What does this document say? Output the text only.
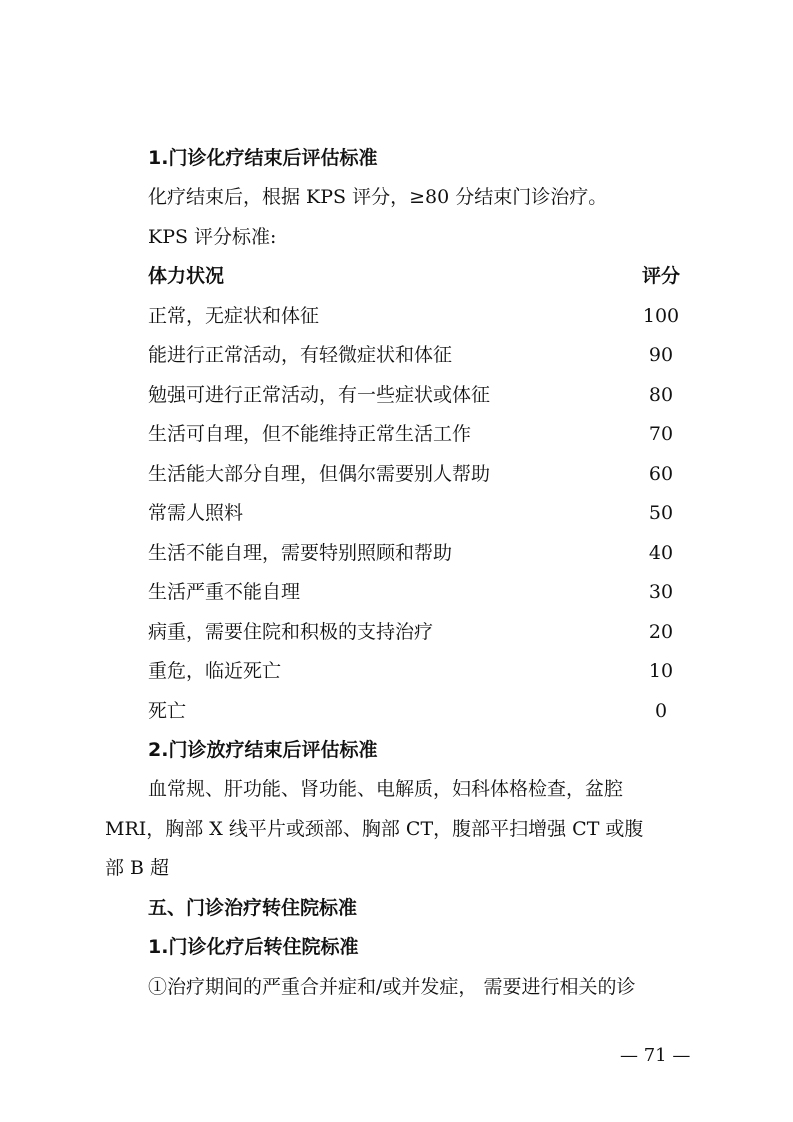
1.门诊化疗结束后评估标准
化疗结束后，根据 KPS 评分，≥80 分结束门诊治疗。
KPS 评分标准:
体力状况	评分
正常，无症状和体征	100
能进行正常活动，有轻微症状和体征	90
勉强可进行正常活动，有一些症状或体征	80
生活可自理，但不能维持正常生活工作	70
生活能大部分自理，但偶尔需要别人帮助	60
常需人照料	50
生活不能自理，需要特别照顾和帮助	40
生活严重不能自理	30
病重，需要住院和积极的支持治疗	20
重危，临近死亡	10
死亡	0
2.门诊放疗结束后评估标准
血常规、肝功能、肾功能、电解质，妇科体格检查，盆腔
MRI，胸部 X 线平片或颈部、胸部 CT，腹部平扫增强 CT 或腹
部 B 超
五、门诊治疗转住院标准
1.门诊化疗后转住院标准
①治疗期间的严重合并症和/或并发症， 需要进行相关的诊
— 71 —
